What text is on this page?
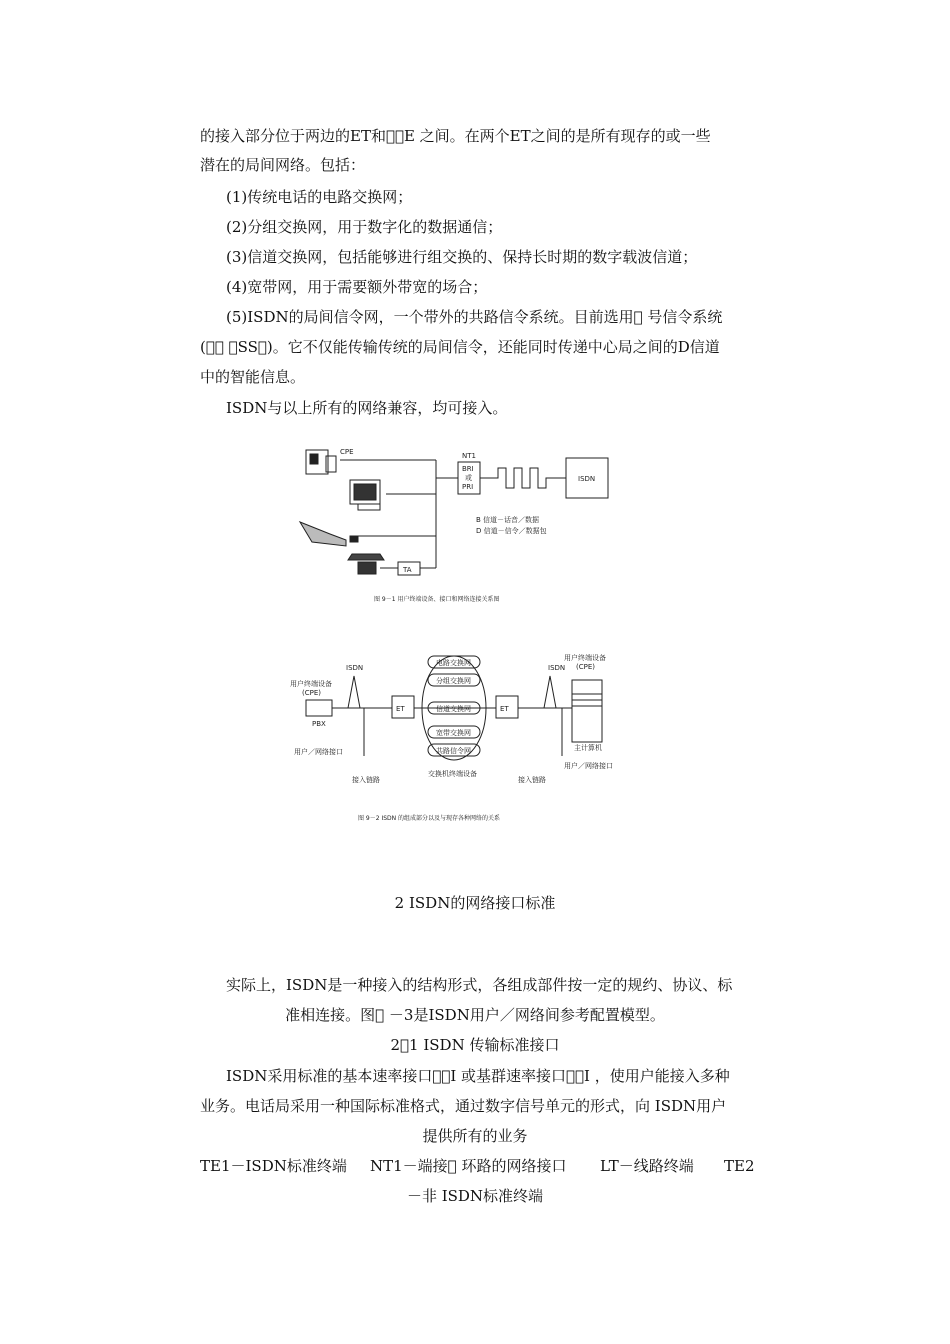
的接入部分位于两边的ET和  E 之间。在两个ET之间的是所有现存的或一些
潜在的局间网络。包括：
(1)传统电话的电路交换网；
(2)分组交换网，用于数字化的数据通信；
(3)信道交换网，包括能够进行组交换的、保持长时期的数字载波信道；
(4)宽带网，用于需要额外带宽的场合；
(5)ISDN的局间信令网，一个带外的共路信令系统。目前选用  号信令系统
(   －SS )。它不仅能传输传统的局间信令，还能同时传递中心局之间的D信道
中的智能信息。
ISDN与以上所有的网络兼容，均可接入。
CPE	NT1
BRI
或
PRI
ISDN
TA
B 信道－话音／数据
D 信道－信令／数据包
图 9－1 用户终端设备、接口和网络连接关系图
用户终端设备
(CPE)
PBX
ISDN	ISDN
ET	ET
电路交换网
分组交换网
信道交换网
宽带交换网
共路信令网
交换机终端设备
接入链路	接入链路
用户／网络接口
用户终端设备
(CPE)
主计算机
用户／网络接口
图 9－2 ISDN 的组成部分以及与现存各种网络的关系
2 ISDN的网络接口标准
实际上，ISDN是一种接入的结构形式，各组成部件按一定的规约、协议、标
准相连接。图  －3是ISDN用户／网络间参考配置模型。
2 1 ISDN 传输标准接口
ISDN采用标准的基本速率接口  I 或基群速率接口  I ，使用户能接入多种
业务。电话局采用一种国际标准格式，通过数字信号单元的形式，向 ISDN用户
提供所有的业务
TE1－ISDN标准终端 NT1－端接  环路的网络接口 LT－线路终端 TE2
－非 ISDN标准终端
